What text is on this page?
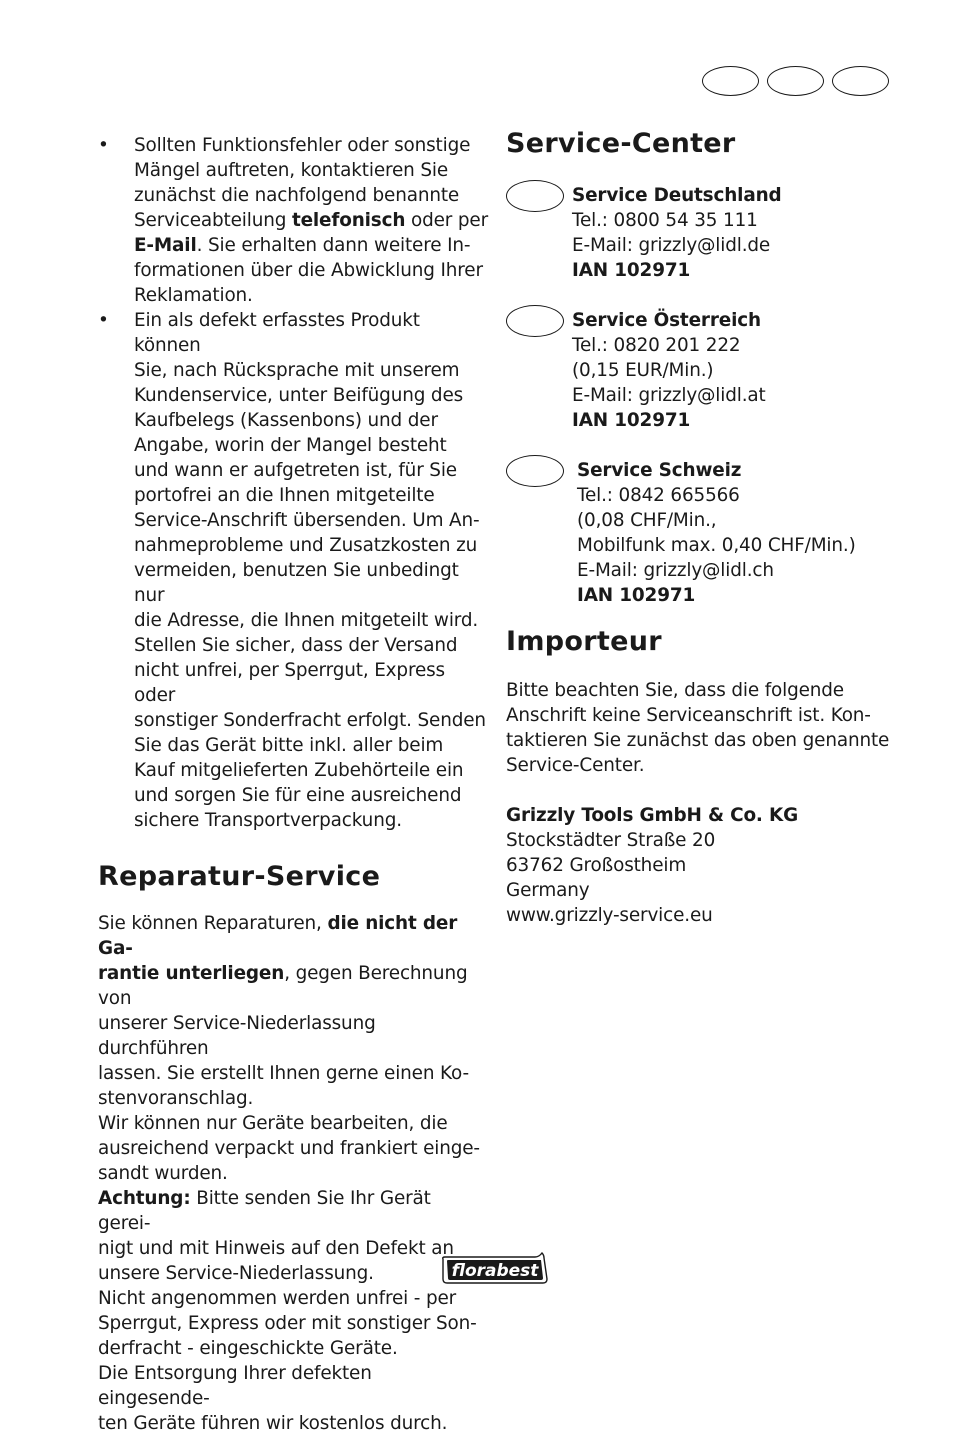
• Sollten Funktionsfehler oder sonstige
Mängel auftreten, kontaktieren Sie
zunächst die nachfolgend benannte
Serviceabteilung telefonisch oder per
E-Mail. Sie erhalten dann weitere In-
formationen über die Abwicklung Ihrer
Reklamation.
• Ein als defekt erfasstes Produkt können
Sie, nach Rücksprache mit unserem
Kundenservice, unter Beifügung des
Kaufbelegs (Kassenbons) und der
Angabe, worin der Mangel besteht
und wann er aufgetreten ist, für Sie
portofrei an die Ihnen mitgeteilte
Service-Anschrift übersenden. Um An-
nahmeprobleme und Zusatzkosten zu
vermeiden, benutzen Sie unbedingt nur
die Adresse, die Ihnen mitgeteilt wird.
Stellen Sie sicher, dass der Versand
nicht unfrei, per Sperrgut, Express oder
sonstiger Sonderfracht erfolgt. Senden
Sie das Gerät bitte inkl. aller beim
Kauf mitgelieferten Zubehörteile ein
und sorgen Sie für eine ausreichend
sichere Transportverpackung.
Reparatur-Service
Sie können Reparaturen, die nicht der Ga-
rantie unterliegen, gegen Berechnung von
unserer Service-Niederlassung durchführen
lassen. Sie erstellt Ihnen gerne einen Ko-
stenvoranschlag.
Wir können nur Geräte bearbeiten, die
ausreichend verpackt und frankiert einge-
sandt wurden.
Achtung: Bitte senden Sie Ihr Gerät gerei-
nigt und mit Hinweis auf den Defekt an
unsere Service-Niederlassung.
Nicht angenommen werden unfrei - per
Sperrgut, Express oder mit sonstiger Son-
derfracht - eingeschickte Geräte.
Die Entsorgung Ihrer defekten eingesende-
ten Geräte führen wir kostenlos durch.
Service-Center
Service Deutschland
Tel.: 0800 54 35 111
E-Mail: grizzly@lidl.de
IAN 102971
Service Österreich
Tel.: 0820 201 222
(0,15 EUR/Min.)
E-Mail: grizzly@lidl.at
IAN 102971
Service Schweiz
Tel.: 0842 665566
(0,08 CHF/Min.,
Mobilfunk max. 0,40 CHF/Min.)
E-Mail: grizzly@lidl.ch
IAN 102971
Importeur
Bitte beachten Sie, dass die folgende
Anschrift keine Serviceanschrift ist. Kon-
taktieren Sie zunächst das oben genannte
Service-Center.
Grizzly Tools GmbH & Co. KG
Stockstädter Straße 20
63762 Großostheim
Germany
www.grizzly-service.eu
florabest
